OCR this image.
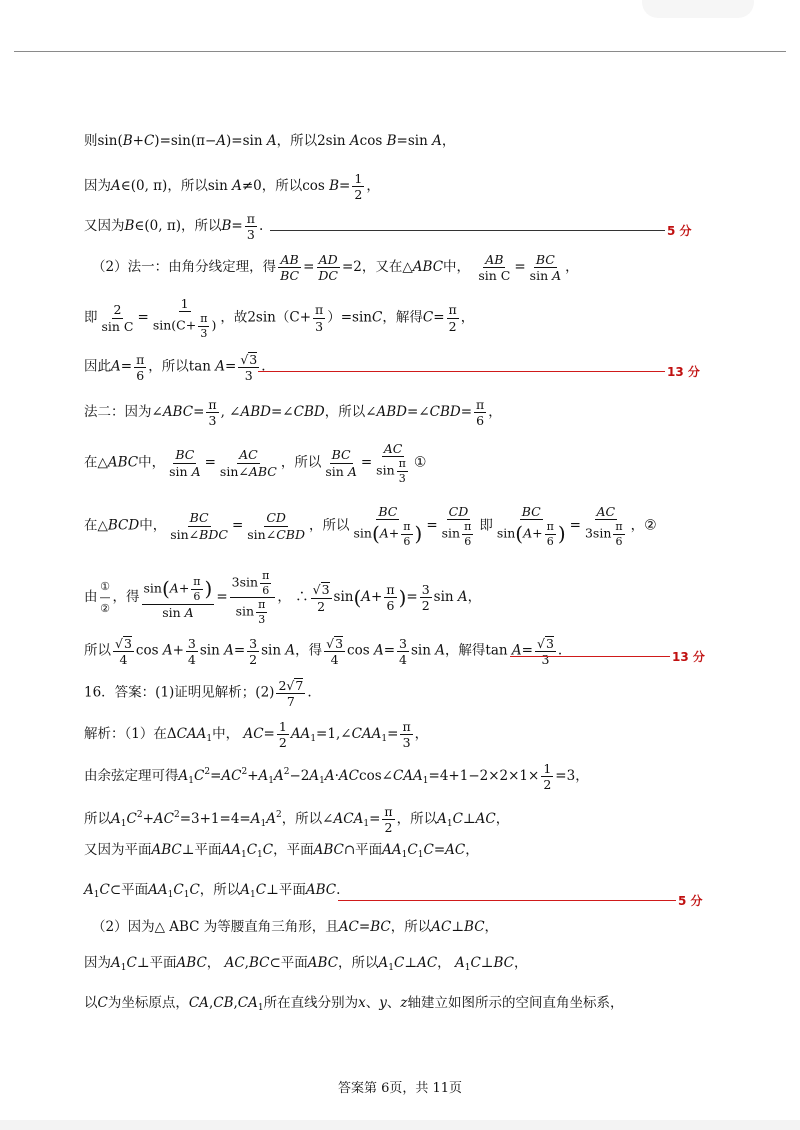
则sin(B+C)=sin(π−A)=sin A，所以2sin Acos B=sin A，
因为A∈(0, π)，所以sin A≠0，所以$\cos B= \frac{1}{2}$ ，
又因为B∈(0, π)，所以$B= \frac{\pi}{3}$ .	5 分
（2）法一：由角分线定理，得 $\frac{AB}{BC} = \frac{AD}{DC} =2$，又在△ABC中， $\frac{AB}{\text{sin C}} = \frac{BC}{\text{sin A}}$ ，
即 $\frac{2}{\text{sin C}} = \frac{1}{\sin(C+ \frac{\pi}{3} )}$ ，故$2\sin(C+ \frac{\pi}{3} )=\sin C$，解得$C= \frac{\pi}{2}$ ，
因此$A= \frac{\pi}{6}$ ，所以$\tan A= \frac{√3}{3}$ .	13 分
法二：因为∠ABC= $\frac{\pi}{3}$ , ∠ABD=∠CBD，所以∠ABD=∠CBD= $\frac{\pi}{6}$ ，
在△ABC中， $\frac{BC}{\text{sin A}} = \frac{AC}{\text{sin∠ABC}}$ ，所以 $\frac{BC}{\text{sin A}} = \frac{AC}{\sin \frac{\pi}{3}}$ ①
在△BCD中， $\frac{BC}{\text{sin∠BDC}} = \frac{CD}{\text{sin∠CBD}}$ ，所以 $\frac{BC}{\sin(A+ \frac{\pi}{6} )} = \frac{CD}{\sin \frac{\pi}{6}}$ 即 $\frac{BC}{\sin(A+ \frac{\pi}{6} )} = \frac{AC}{3\sin \frac{\pi}{6}}$ ，②
由
①
—
②
，得 $\frac{\sin(A+ \frac{\pi}{6} )}{\text{sin A}} = \frac{3\sin \frac{\pi}{6}}{\sin \frac{\pi}{3}}$ ， ∴ $\frac{√3}{2} \sin(A+ \frac{\pi}{6}$ )= $\frac{3}{2}$ sin A，
所以 $\frac{√3}{4}$ $\cos A+ \frac{3}{4}$ $\sin A= \frac{3}{2}$ sin A，得 $\frac{√3}{4}$ $\cos A= \frac{3}{4}$ sin A，解得$\tan A= \frac{√3}{3}$ .	13 分
16．答案：(1)证明见解析；$(2) \frac{2√7}{7}$ .
解析：（1）在$\Delta CAA_1$中， $AC= \frac{1}{2}$ $AA_1=1,\angle CAA_1= \frac{\pi}{3}$ ，
由余弦定理可得$A_1C^2=AC^2+A_1A^2-2A_1A\cdot ACcos\angle CAA_1=4+1-2\times 2\times 1\times \frac{1}{2} =3$，
所以$A_1C^2+AC^2=3+1=4=A_1A^2$，所以$\angle ACA_1= \frac{\pi}{2}$ ，所以$A_1C\perp AC$，
又因为平面ABC⊥平面$AA_1C_1C$，平面ABC∩平面$AA_1C_1C=AC$，
$A_1C\subset$平面$AA_1C_1C$，所以$A_1C\perp$平面ABC.
5 分
（2）因为△ ABC 为等腰直角三角形，且AC=BC，所以AC⊥BC，
因为$A_1C\perp$平面ABC， AC,BC⊂平面ABC，所以$A_1C\perp AC$， $A_1C\perp BC$，
以C为坐标原点，$CA,CB,CA_1$所在直线分别为x、y、z轴建立如图所示的空间直角坐标系，
答案第 6页，共 11页
